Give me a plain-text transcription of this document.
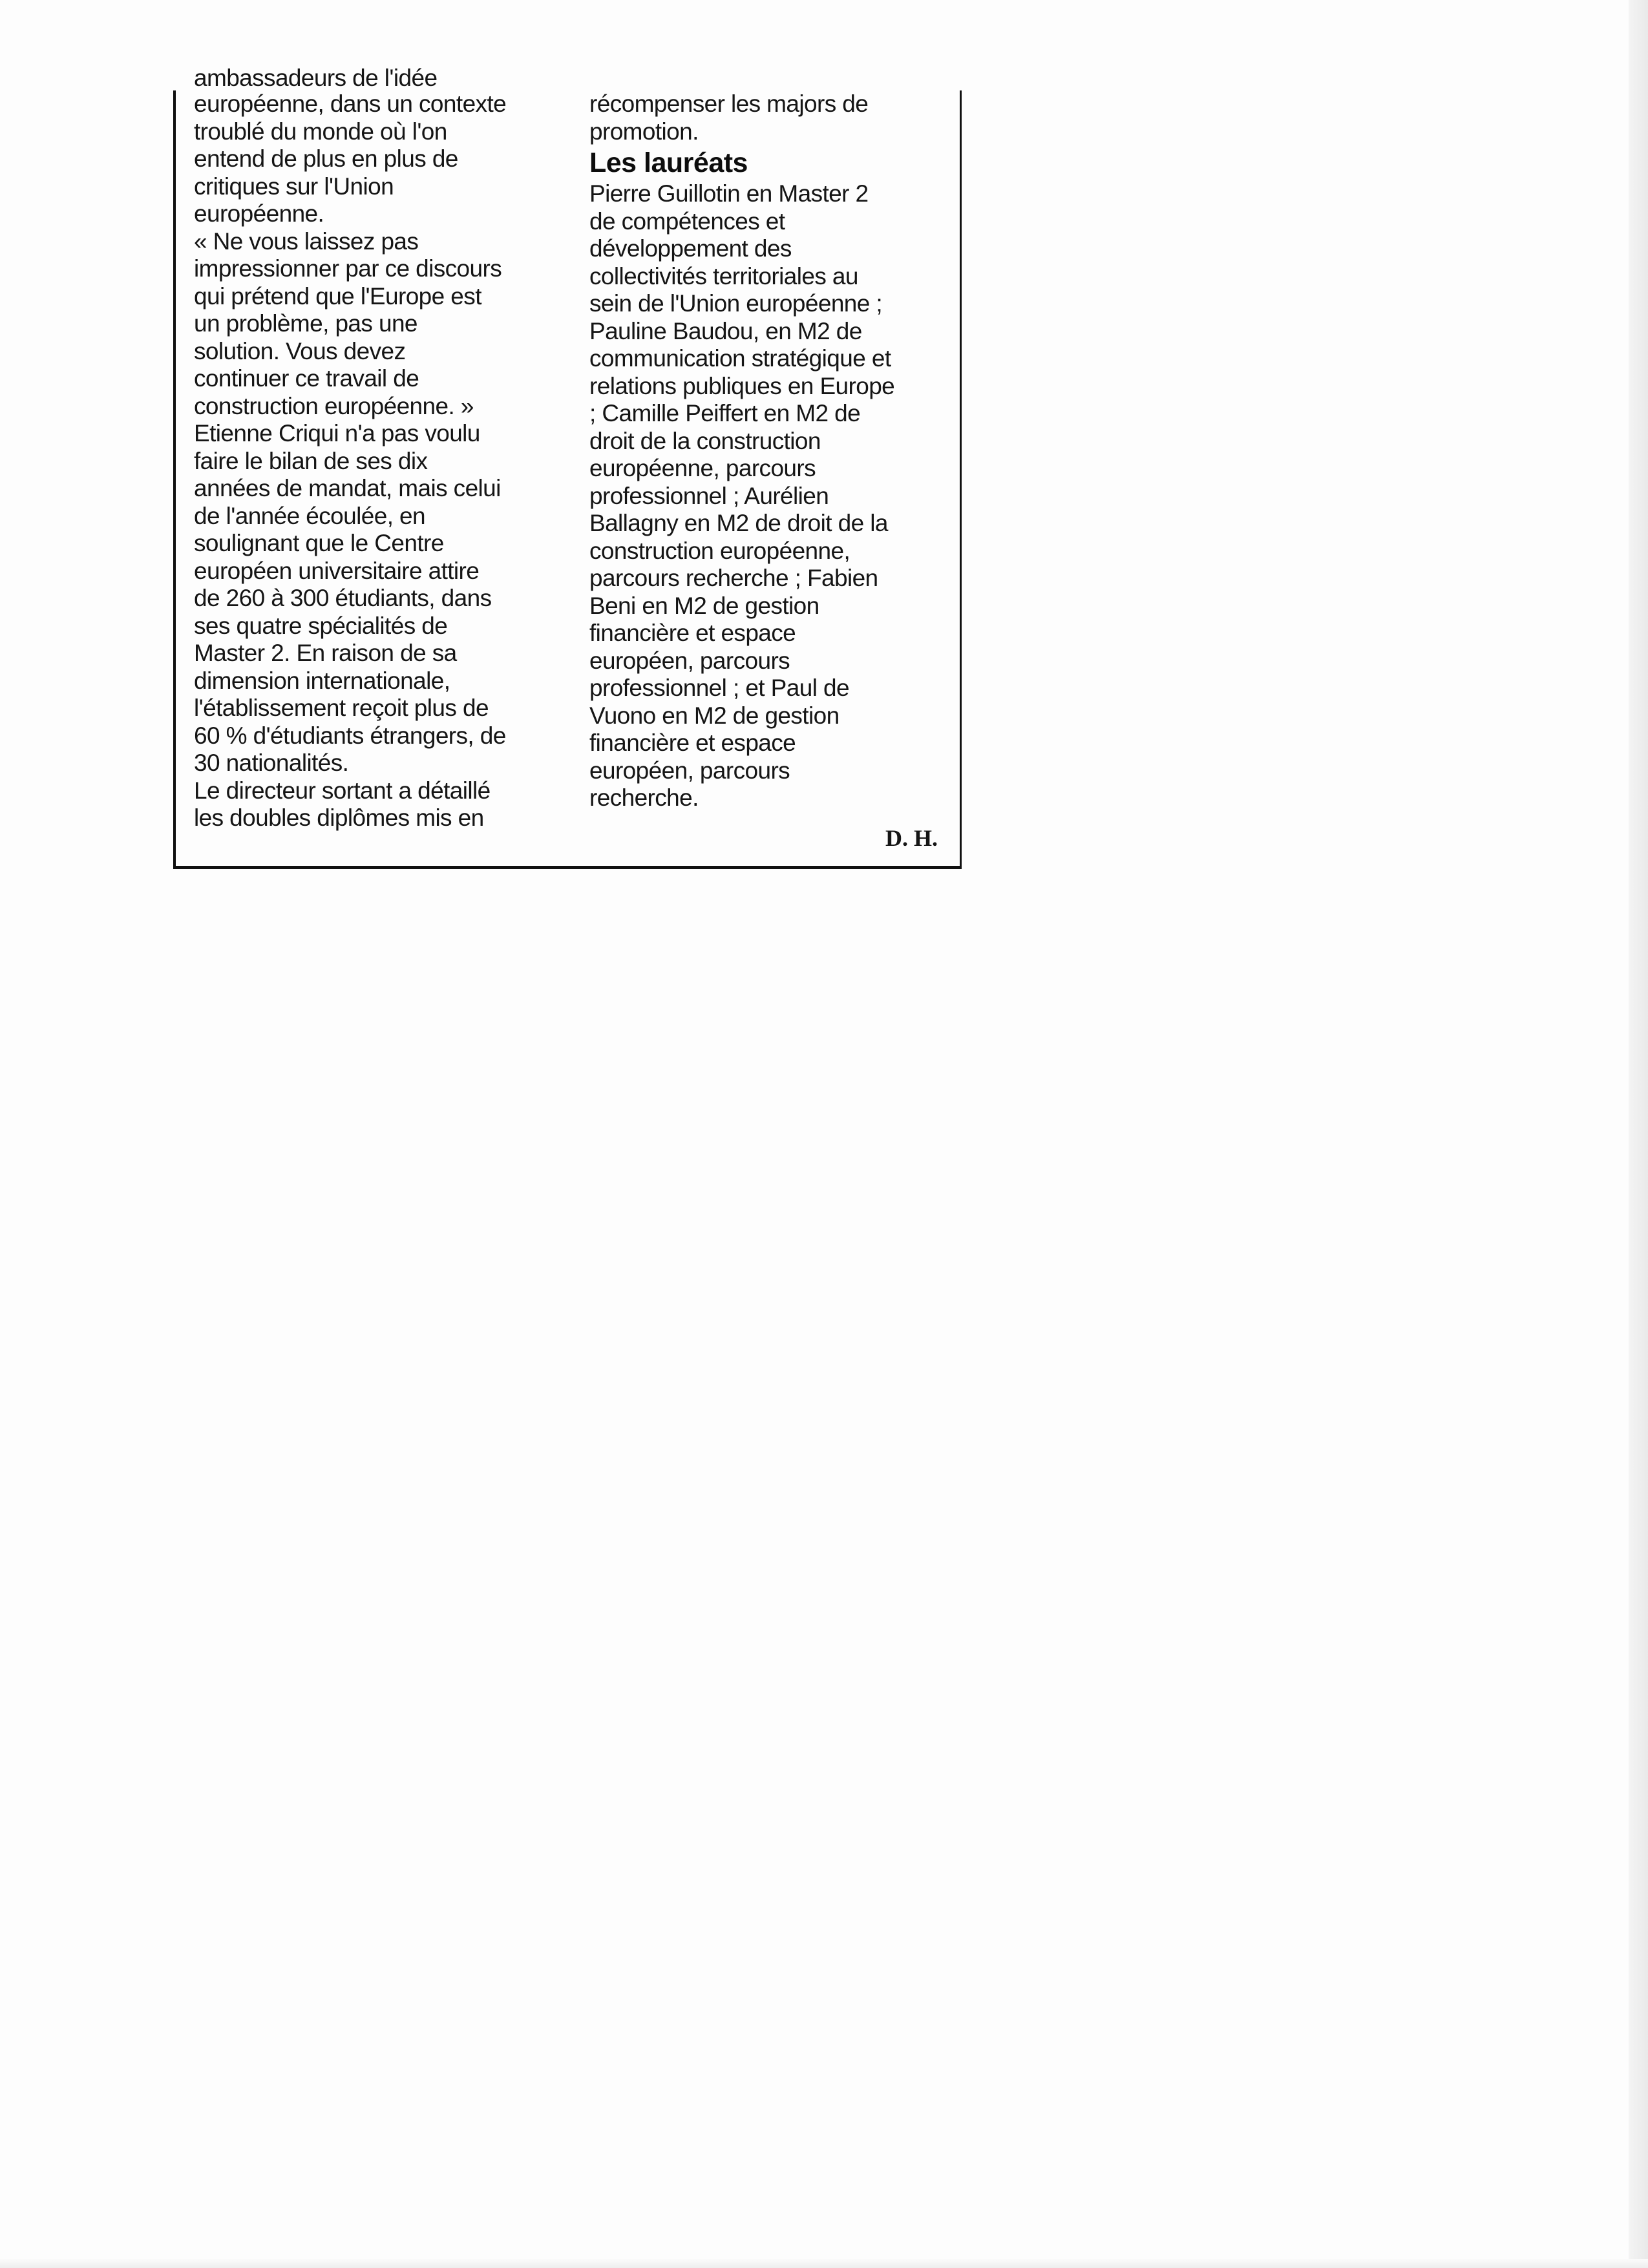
ambassadeurs de l'idée
européenne, dans un contexte
troublé du monde où l'on
entend de plus en plus de
critiques sur l'Union
européenne.
« Ne vous laissez pas
impressionner par ce discours
qui prétend que l'Europe est
un problème, pas une
solution. Vous devez
continuer ce travail de
construction européenne. »
Etienne Criqui n'a pas voulu
faire le bilan de ses dix
années de mandat, mais celui
de l'année écoulée, en
soulignant que le Centre
européen universitaire attire
de 260 à 300 étudiants, dans
ses quatre spécialités de
Master 2. En raison de sa
dimension internationale,
l'établissement reçoit plus de
60 % d'étudiants étrangers, de
30 nationalités.
Le directeur sortant a détaillé
les doubles diplômes mis en
récompenser les majors de
promotion.
Les lauréats
Pierre Guillotin en Master 2
de compétences et
développement des
collectivités territoriales au
sein de l'Union européenne ;
Pauline Baudou, en M2 de
communication stratégique et
relations publiques en Europe
; Camille Peiffert en M2 de
droit de la construction
européenne, parcours
professionnel ; Aurélien
Ballagny en M2 de droit de la
construction européenne,
parcours recherche ; Fabien
Beni en M2 de gestion
financière et espace
européen, parcours
professionnel ; et Paul de
Vuono en M2 de gestion
financière et espace
européen, parcours
recherche.
D. H.
